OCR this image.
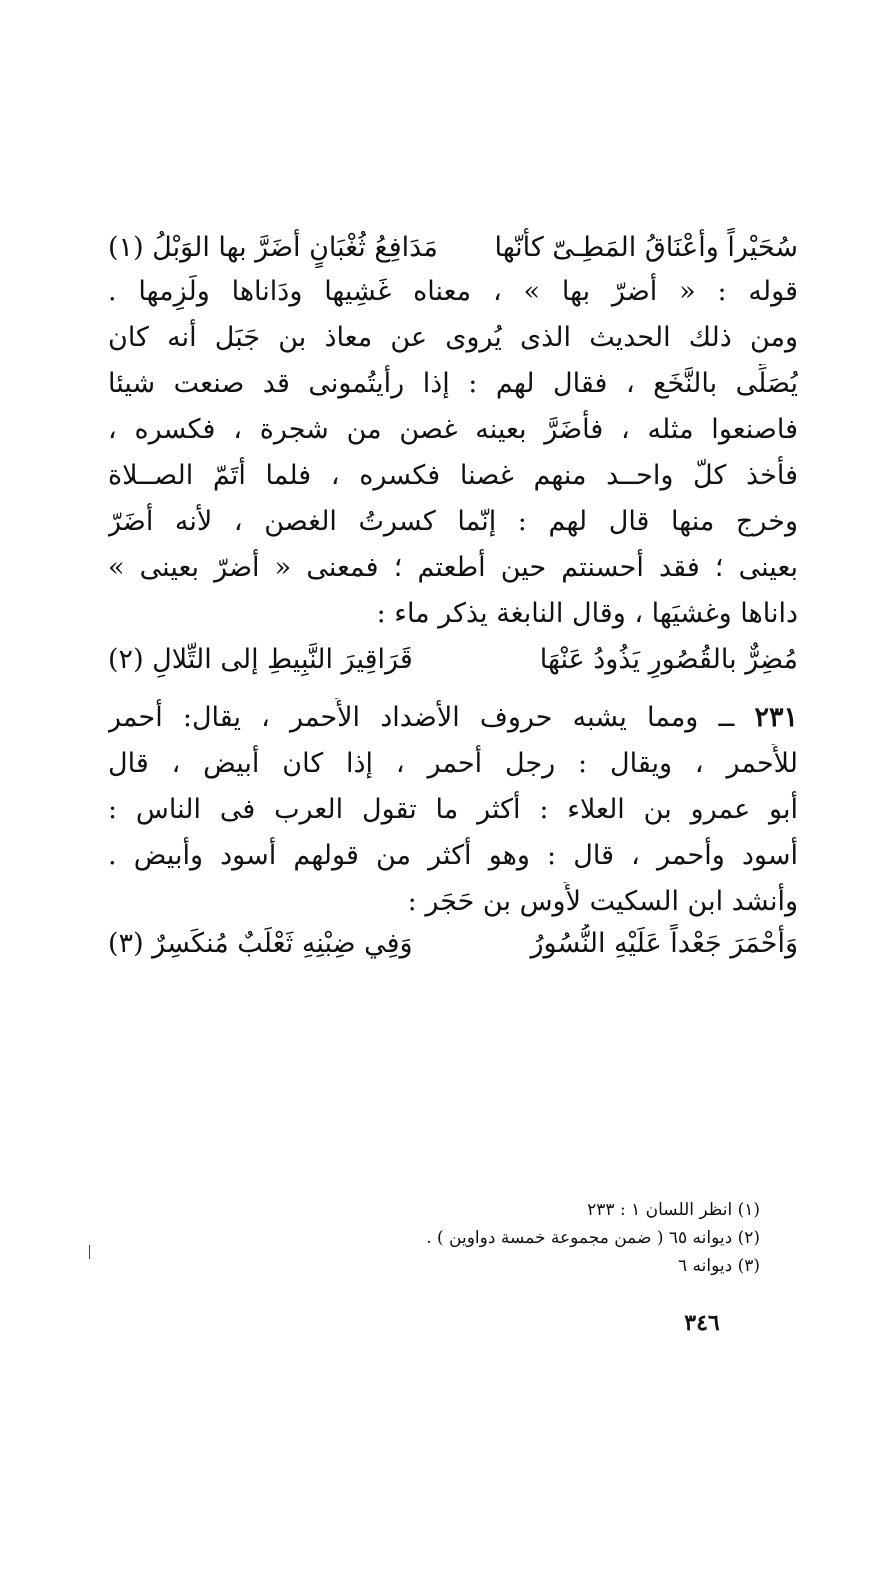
سُحَيْراً وأعْنَاقُ المَطِـىّ كأنّها
مَدَافِعُ ثُغْبَانٍ أضَرَّ بها الوَبْلُ (١)
قوله : « أَضرّ بها » ، معناه غَشِيها ودَاناها ولَزِمها .
ومن ذلك الحديث الذى يُروى عن معاذ بن جَبَل أنه كان
يُصَلِّى بالنَّخَع ، فقال لهم : إذا رأيتُمونى قد صنعت شيئا
فاصنعوا مثله ، فأَضَرَّ بعينه غصن من شجرة ، فكسره ،
فأَخذ كلّ واحــد منهم غصنا فكسره ، فلما أَتَمّ الصــلاة
وخرج منها قال لهم : إنّما كسرتُ الغصن ، لأنه أَضَرّ
بعينى ؛ فقد أحسنتم حين أطعتم ؛ فمعنى « أضرّ بعينى »
داناها وغشيَها ، وقال النابغة يذكر ماء :
مُضِرٌّ بالقُصُورِ يَذُودُ عَنْهَا
قَرَاقِيرَ النَّبِيطِ إلى التِّلالِ (٢)
٢٣١ ــ ومما يشبه حروف الأضداد الأَحمر ، يقال: أحمر
للأَحمر ، ويقال : رجل أَحمر ، إذا كان أَبيض ، قال
أَبو عمرو بن العلاء : أَكثر ما تقول العرب فى الناس :
أَسود وأَحمر ، قال : وهو أَكثر من قولهم أَسود وأَبيض .
وأَنشد ابن السكيت لأَوس بن حَجَر :
وَأَحْمَرَ جَعْداً عَلَيْهِ النُّسُورُ
وَفِي ضِبْنِهِ ثَعْلَبٌ مُنكَسِرٌ (٣)
(١) انظر اللسان ١ : ٢٣٣
(٢) ديوانه ٦٥ ( ضمن مجموعة خمسة دواوين ) .
(٣) ديوانه ٦
٣٤٦
